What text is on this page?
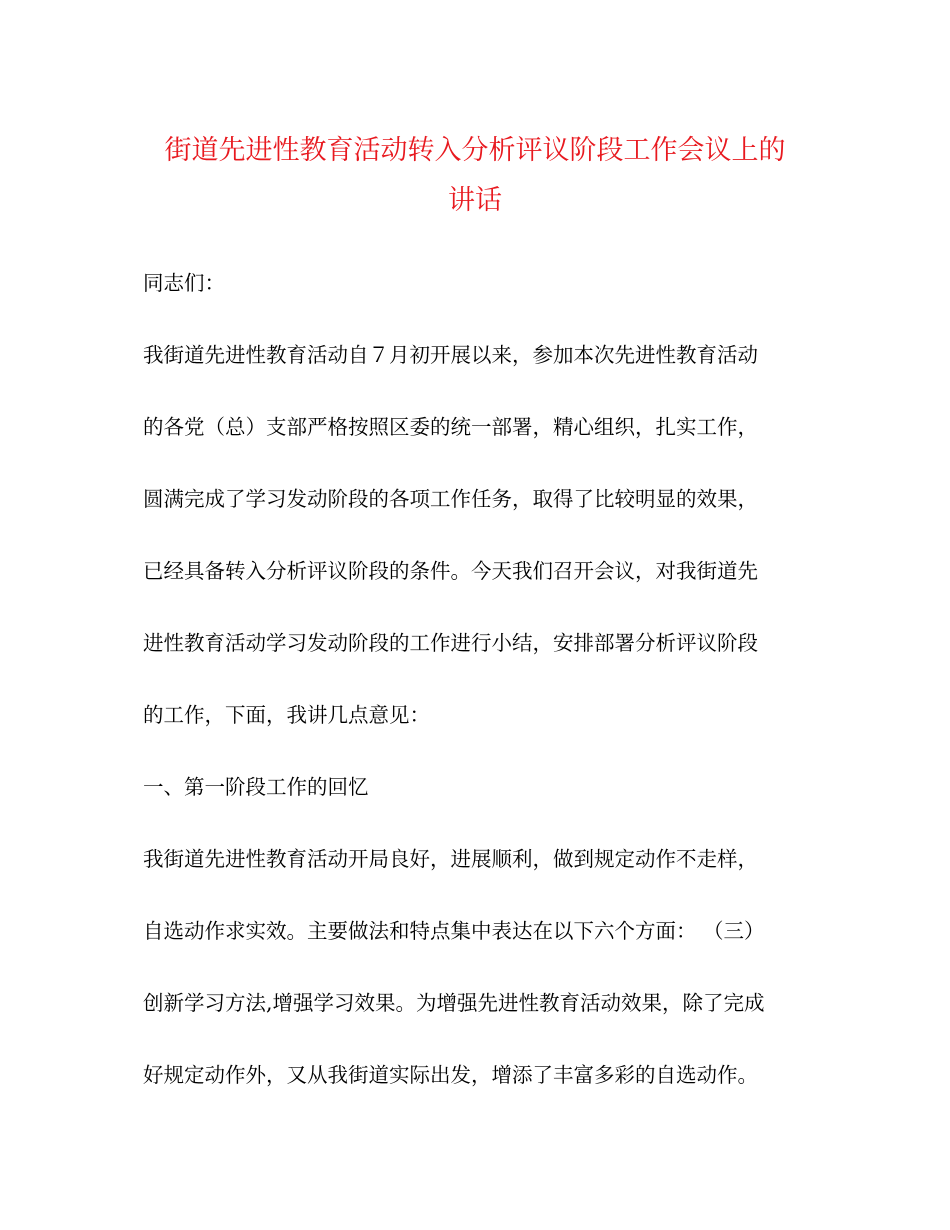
街道先进性教育活动转入分析评议阶段工作会议上的
讲话

同志们：

我街道先进性教育活动自７月初开展以来，参加本次先进性教育活动

的各党（总）支部严格按照区委的统一部署，精心组织，扎实工作，

圆满完成了学习发动阶段的各项工作任务，取得了比较明显的效果，

已经具备转入分析评议阶段的条件。今天我们召开会议，对我街道先

进性教育活动学习发动阶段的工作进行小结，安排部署分析评议阶段

的工作，下面，我讲几点意见：

一、第一阶段工作的回忆

我街道先进性教育活动开局良好，进展顺利，做到规定动作不走样，

自选动作求实效。主要做法和特点集中表达在以下六个方面： （三）

创新学习方法,增强学习效果。为增强先进性教育活动效果，除了完成

好规定动作外，又从我街道实际出发，增添了丰富多彩的自选动作。
